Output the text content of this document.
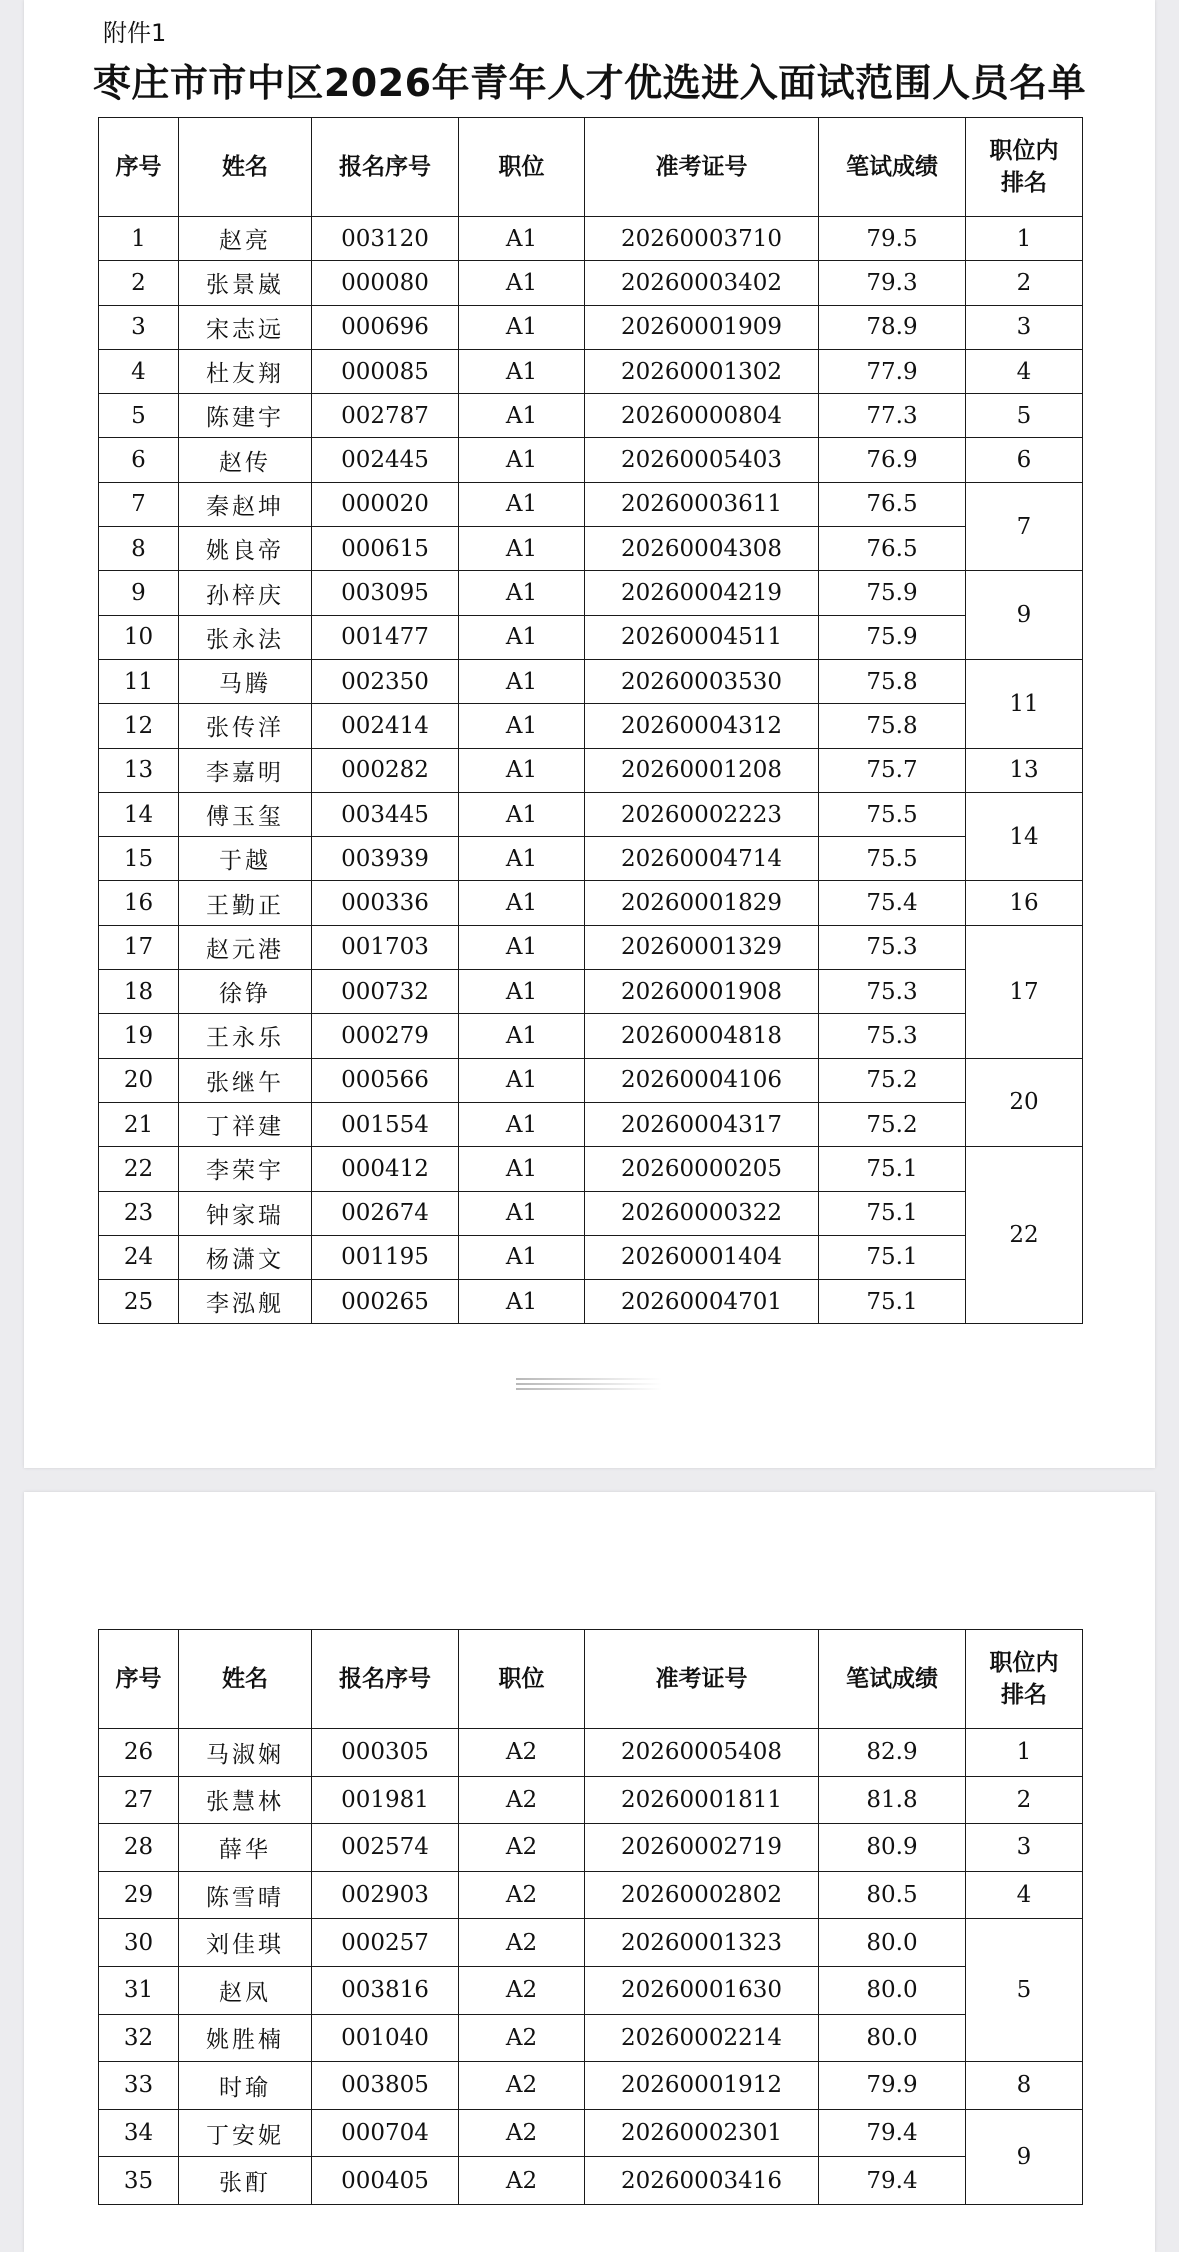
附件1
枣庄市市中区2026年青年人才优选进入面试范围人员名单
序号	姓名	报名序号	职位	准考证号	笔试成绩	职位内排名
1	赵亮	003120	A1	20260003710	79.5	1
2	张景崴	000080	A1	20260003402	79.3	2
3	宋志远	000696	A1	20260001909	78.9	3
4	杜友翔	000085	A1	20260001302	77.9	4
5	陈建宇	002787	A1	20260000804	77.3	5
6	赵传	002445	A1	20260005403	76.9	6
7	秦赵坤	000020	A1	20260003611	76.5	7
8	姚良帝	000615	A1	20260004308	76.5	
9	孙梓庆	003095	A1	20260004219	75.9	9
10	张永法	001477	A1	20260004511	75.9	
11	马腾	002350	A1	20260003530	75.8	11
12	张传洋	002414	A1	20260004312	75.8	
13	李嘉明	000282	A1	20260001208	75.7	13
14	傅玉玺	003445	A1	20260002223	75.5	14
15	于越	003939	A1	20260004714	75.5	
16	王勤正	000336	A1	20260001829	75.4	16
17	赵元港	001703	A1	20260001329	75.3	17
18	徐铮	000732	A1	20260001908	75.3	
19	王永乐	000279	A1	20260004818	75.3	
20	张继午	000566	A1	20260004106	75.2	20
21	丁祥建	001554	A1	20260004317	75.2	
22	李荣宇	000412	A1	20260000205	75.1	22
23	钟家瑞	002674	A1	20260000322	75.1	
24	杨潇文	001195	A1	20260001404	75.1	
25	李泓舰	000265	A1	20260004701	75.1	
序号	姓名	报名序号	职位	准考证号	笔试成绩	职位内排名
26	马淑娴	000305	A2	20260005408	82.9	1
27	张慧林	001981	A2	20260001811	81.8	2
28	薛华	002574	A2	20260002719	80.9	3
29	陈雪晴	002903	A2	20260002802	80.5	4
30	刘佳琪	000257	A2	20260001323	80.0	5
31	赵凤	003816	A2	20260001630	80.0	
32	姚胜楠	001040	A2	20260002214	80.0	
33	时瑜	003805	A2	20260001912	79.9	8
34	丁安妮	000704	A2	20260002301	79.4	9
35	张酊	000405	A2	20260003416	79.4	
